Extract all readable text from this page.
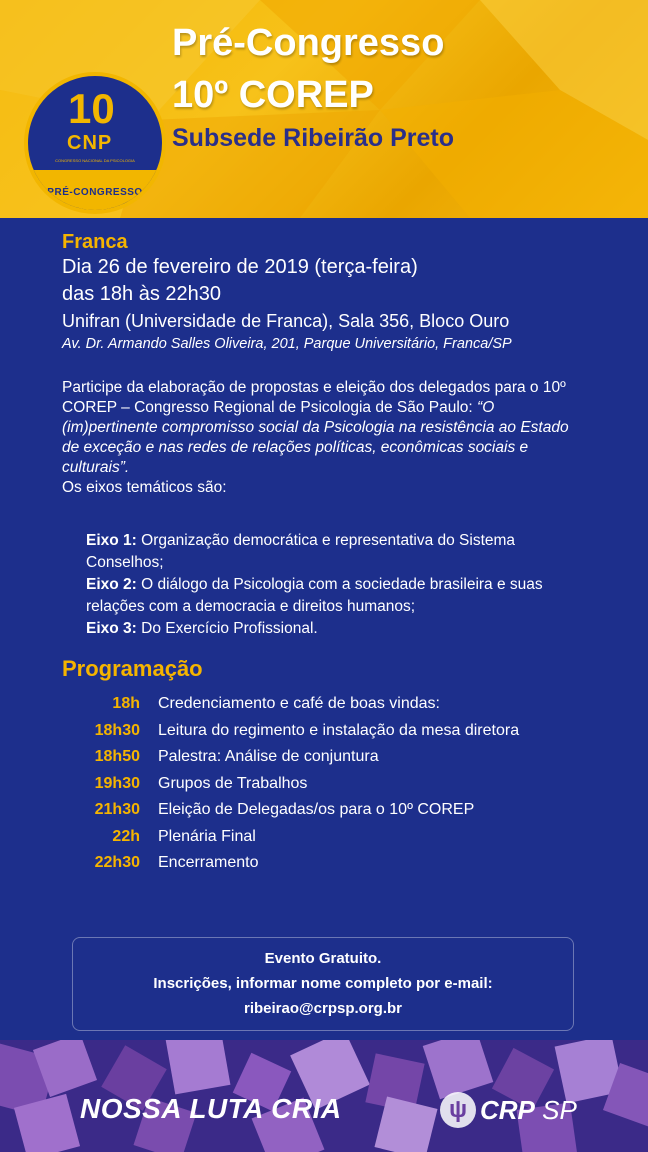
10
CNP
CONGRESSO NACIONAL DA PSICOLOGIA
PRÉ-CONGRESSO
Pré-Congresso
10º COREP
Subsede Ribeirão Preto
Franca
Dia 26 de fevereiro de 2019 (terça-feira)
das 18h às 22h30
Unifran (Universidade de Franca), Sala 356, Bloco Ouro
Av. Dr. Armando Salles Oliveira, 201, Parque Universitário, Franca/SP
Participe da elaboração de propostas e eleição dos delegados para o 10º COREP – Congresso Regional de Psicologia de São Paulo: “O (im)pertinente compromisso social da Psicologia na resistência ao Estado de exceção e nas redes de relações políticas, econômicas sociais e culturais”.
Os eixos temáticos são:
Eixo 1: Organização democrática e representativa do Sistema Conselhos;
Eixo 2: O diálogo da Psicologia com a sociedade brasileira e suas relações com a democracia e direitos humanos;
Eixo 3: Do Exercício Profissional.
Programação
18h	Credenciamento e café de boas vindas:
18h30	Leitura do regimento e instalação da mesa diretora
18h50	Palestra: Análise de conjuntura
19h30	Grupos de Trabalhos
21h30	Eleição de Delegadas/os para o 10º COREP
22h	Plenária Final
22h30	Encerramento
Evento Gratuito.
Inscrições, informar nome completo por e-mail:
ribeirao@crpsp.org.br
NOSSA LUTA CRIA	ψ CRP SP
